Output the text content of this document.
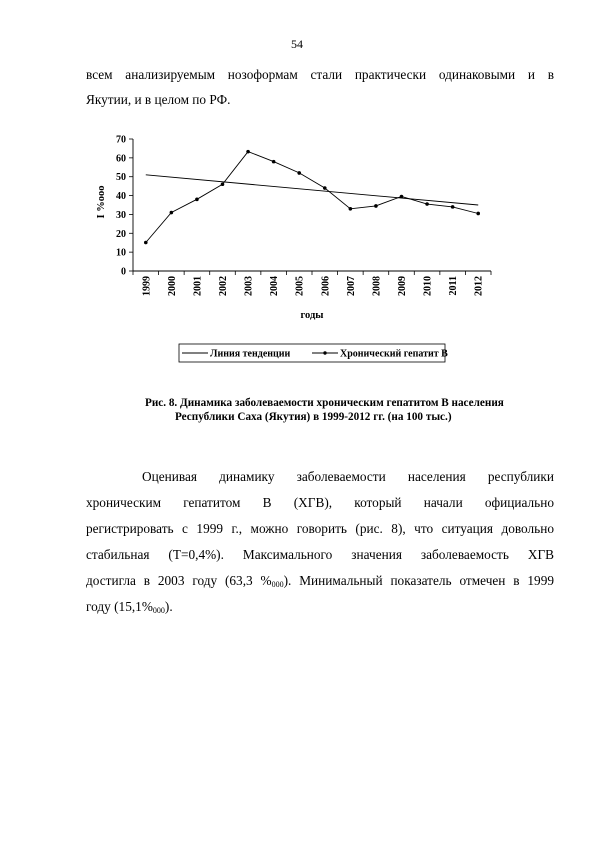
54
всем анализируемым нозоформам стали практически одинаковыми и в
Якутии, и в целом по РФ.
0
10
20
30
40
50
60
70
1999 2000 2001 2002 2003 2004 2005 2006 2007 2008 2009 2010 2011 2012
I %ooo
годы
Линия тенденции	Хронический гепатит В
Рис. 8. Динамика заболеваемости хроническим гепатитом В населения
Республики Саха (Якутия) в 1999-2012 гг. (на 100 тыс.)
Оценивая динамику заболеваемости населения республики
хроническим гепатитом В (ХГВ), который начали официально
регистрировать с 1999 г., можно говорить (рис. 8), что ситуация довольно
стабильная (Т=0,4%). Максимального значения заболеваемость ХГВ
достигла в 2003 году (63,3 $\%_{000}$). Минимальный показатель отмечен в 1999
году $(15,1\%_{000})$.
